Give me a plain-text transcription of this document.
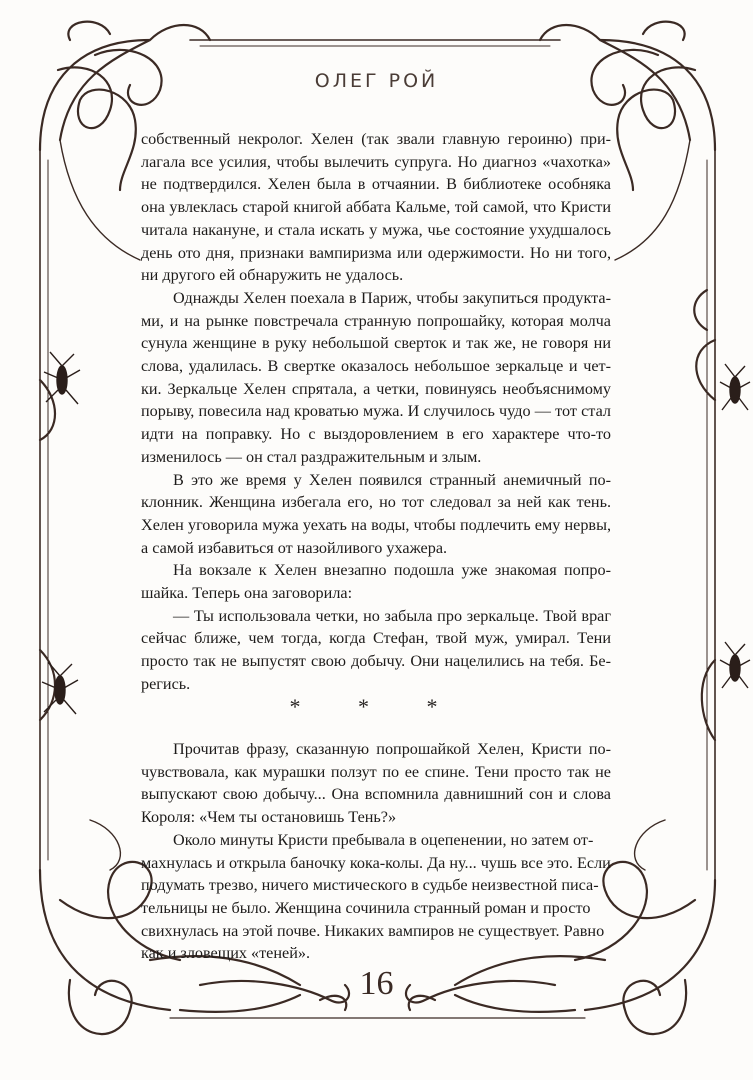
ОЛЕГ РОЙ

собственный некролог. Хелен (так звали главную героиню) при-лагала все усилия, чтобы вылечить супруга. Но диагноз «чахотка» не подтвердился. Хелен была в отчаянии. В библиотеке особняка она увлеклась старой книгой аббата Кальме, той самой, что Кристи читала накануне, и стала искать у мужа, чье состояние ухудшалось день ото дня, признаки вампиризма или одержимости. Но ни того, ни другого ей обнаружить не удалось.

Однажды Хелен поехала в Париж, чтобы закупиться продукта-ми, и на рынке повстречала странную попрошайку, которая молча сунула женщине в руку небольшой сверток и так же, не говоря ни слова, удалилась. В свертке оказалось небольшое зеркальце и чет-ки. Зеркальце Хелен спрятала, а четки, повинуясь необъяснимому порыву, повесила над кроватью мужа. И случилось чудо — тот стал идти на поправку. Но с выздоровлением в его характере что-то изменилось — он стал раздражительным и злым.

В это же время у Хелен появился странный анемичный по-клонник. Женщина избегала его, но тот следовал за ней как тень. Хелен уговорила мужа уехать на воды, чтобы подлечить ему нервы, а самой избавиться от назойливого ухажера.

На вокзале к Хелен внезапно подошла уже знакомая попро-шайка. Теперь она заговорила:

— Ты использовала четки, но забыла про зеркальце. Твой враг сейчас ближе, чем тогда, когда Стефан, твой муж, умирал. Тени просто так не выпустят свою добычу. Они нацелились на тебя. Бе-регись.

* * *

Прочитав фразу, сказанную попрошайкой Хелен, Кристи по-чувствовала, как мурашки ползут по ее спине. Тени просто так не выпускают свою добычу... Она вспомнила давнишний сон и слова Короля: «Чем ты остановишь Тень?»

Около минуты Кристи пребывала в оцепенении, но затем от-махнулась и открыла баночку кока-колы. Да ну... чушь все это. Если подумать трезво, ничего мистического в судьбе неизвестной писа-тельницы не было. Женщина сочинила странный роман и просто свихнулась на этой почве. Никаких вампиров не существует. Равно как и зловещих «теней».

16
